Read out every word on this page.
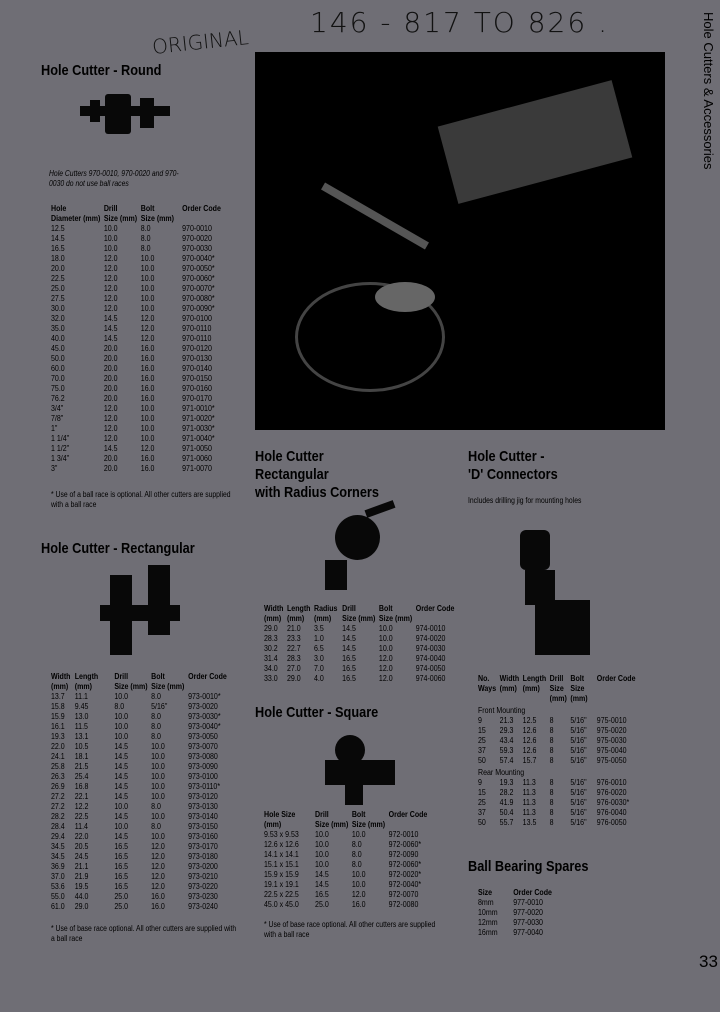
ORIGINAL
146 - 817 TO 826 .	Hole Cutters & Accessories
Hole Cutter - Round
Hole Cutters 970-0010, 970-0020 and 970-0030 do not use ball races
Hole	Drill	Bolt	Order Code
Diameter (mm)	Size (mm)	Size (mm)	
12.5	10.0	8.0	970-0010
14.5	10.0	8.0	970-0020
16.5	10.0	8.0	970-0030
18.0	12.0	10.0	970-0040*
20.0	12.0	10.0	970-0050*
22.5	12.0	10.0	970-0060*
25.0	12.0	10.0	970-0070*
27.5	12.0	10.0	970-0080*
30.0	12.0	10.0	970-0090*
32.0	14.5	12.0	970-0100
35.0	14.5	12.0	970-0110
40.0	14.5	12.0	970-0110
45.0	20.0	16.0	970-0120
50.0	20.0	16.0	970-0130
60.0	20.0	16.0	970-0140
70.0	20.0	16.0	970-0150
75.0	20.0	16.0	970-0160
76.2	20.0	16.0	970-0170
3/4"	12.0	10.0	971-0010*
7/8"	12.0	10.0	971-0020*
1"	12.0	10.0	971-0030*
1 1/4"	12.0	10.0	971-0040*
1 1/2"	14.5	12.0	971-0050
1 3/4"	20.0	16.0	971-0060
3"	20.0	16.0	971-0070
* Use of a ball race is optional. All other cutters are supplied with a ball race
Hole Cutter - Rectangular
Width	Length	Drill	Bolt	Order Code
(mm)	(mm)	Size (mm)	Size (mm)	
13.7	11.1	10.0	8.0	973-0010*
15.8	9.45	8.0	5/16"	973-0020
15.9	13.0	10.0	8.0	973-0030*
16.1	11.5	10.0	8.0	973-0040*
19.3	13.1	10.0	8.0	973-0050
22.0	10.5	14.5	10.0	973-0070
24.1	18.1	14.5	10.0	973-0080
25.8	21.5	14.5	10.0	973-0090
26.3	25.4	14.5	10.0	973-0100
26.9	16.8	14.5	10.0	973-0110*
27.2	22.1	14.5	10.0	973-0120
27.2	12.2	10.0	8.0	973-0130
28.2	22.5	14.5	10.0	973-0140
28.4	11.4	10.0	8.0	973-0150
29.4	22.0	14.5	10.0	973-0160
34.5	20.5	16.5	12.0	973-0170
34.5	24.5	16.5	12.0	973-0180
36.9	21.1	16.5	12.0	973-0200
37.0	21.9	16.5	12.0	973-0210
53.6	19.5	16.5	12.0	973-0220
55.0	44.0	25.0	16.0	973-0230
61.0	29.0	25.0	16.0	973-0240
* Use of base race optional. All other cutters are supplied with a ball race
Hole Cutter
Rectangular
with Radius Corners
Width	Length	Radius	Drill	Bolt	Order Code
(mm)	(mm)	(mm)	Size (mm)	Size (mm)	
29.0	21.0	3.5	14.5	10.0	974-0010
28.3	23.3	1.0	14.5	10.0	974-0020
30.2	22.7	6.5	14.5	10.0	974-0030
31.4	28.3	3.0	16.5	12.0	974-0040
34.0	27.0	7.0	16.5	12.0	974-0050
33.0	29.0	4.0	16.5	12.0	974-0060
Hole Cutter - Square
Hole Size	Drill	Bolt	Order Code
(mm)	Size (mm)	Size (mm)	
9.53 x 9.53	10.0	10.0	972-0010
12.6 x 12.6	10.0	8.0	972-0060*
14.1 x 14.1	10.0	8.0	972-0090
15.1 x 15.1	10.0	8.0	972-0060*
15.9 x 15.9	14.5	10.0	972-0020*
19.1 x 19.1	14.5	10.0	972-0040*
22.5 x 22.5	16.5	12.0	972-0070
45.0 x 45.0	25.0	16.0	972-0080
* Use of base race optional. All other cutters are supplied with a ball race
Hole Cutter -
'D' Connectors
Includes drilling jig for mounting holes
No.	Width	Length	Drill	Bolt	Order Code
Ways	(mm)	(mm)	Size	Size	
			(mm)	(mm)	
Front Mounting					
9	21.3	12.5	8	5/16"	975-0010
15	29.3	12.6	8	5/16"	975-0020
25	43.4	12.6	8	5/16"	975-0030
37	59.3	12.6	8	5/16"	975-0040
50	57.4	15.7	8	5/16"	975-0050
Rear Mounting					
9	19.3	11.3	8	5/16"	976-0010
15	28.2	11.3	8	5/16"	976-0020
25	41.9	11.3	8	5/16"	976-0030*
37	50.4	11.3	8	5/16"	976-0040
50	55.7	13.5	8	5/16"	976-0050
Ball Bearing Spares
Size	Order Code
8mm	977-0010
10mm	977-0020
12mm	977-0030
16mm	977-0040
33
